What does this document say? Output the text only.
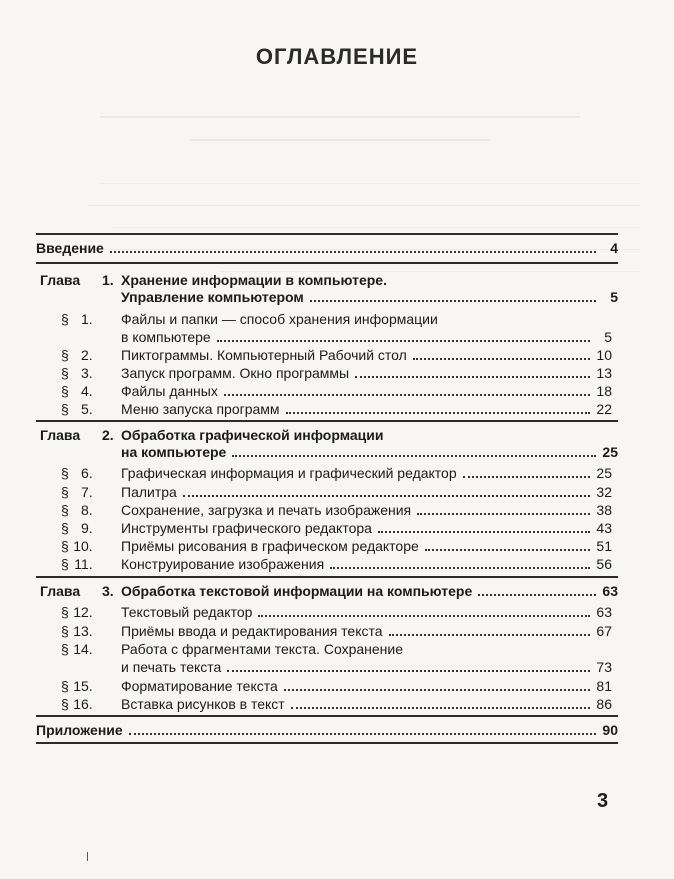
ОГЛАВЛЕНИЕ
Введение	4
Глава 1. Хранение информации в компьютере.
Управление компьютером	5
§ 1.	Файлы и папки — способ хранения информации
в компьютере	5
§ 2.	Пиктограммы. Компьютерный Рабочий стол	10
§ 3.	Запуск программ. Окно программы	13
§ 4.	Файлы данных	18
§ 5.	Меню запуска программ	22
Глава 2. Обработка графической информации
на компьютере	25
§ 6.	Графическая информация и графический редактор	25
§ 7.	Палитра	32
§ 8.	Сохранение, загрузка и печать изображения	38
§ 9.	Инструменты графического редактора	43
§ 10.	Приёмы рисования в графическом редакторе	51
§ 11.	Конструирование изображения	56
Глава 3. Обработка текстовой информации на компьютере	63
§ 12.	Текстовый редактор	63
§ 13.	Приёмы ввода и редактирования текста	67
§ 14.	Работа с фрагментами текста. Сохранение
и печать текста	73
§ 15.	Форматирование текста	81
§ 16.	Вставка рисунков в текст	86
Приложение	90
3
